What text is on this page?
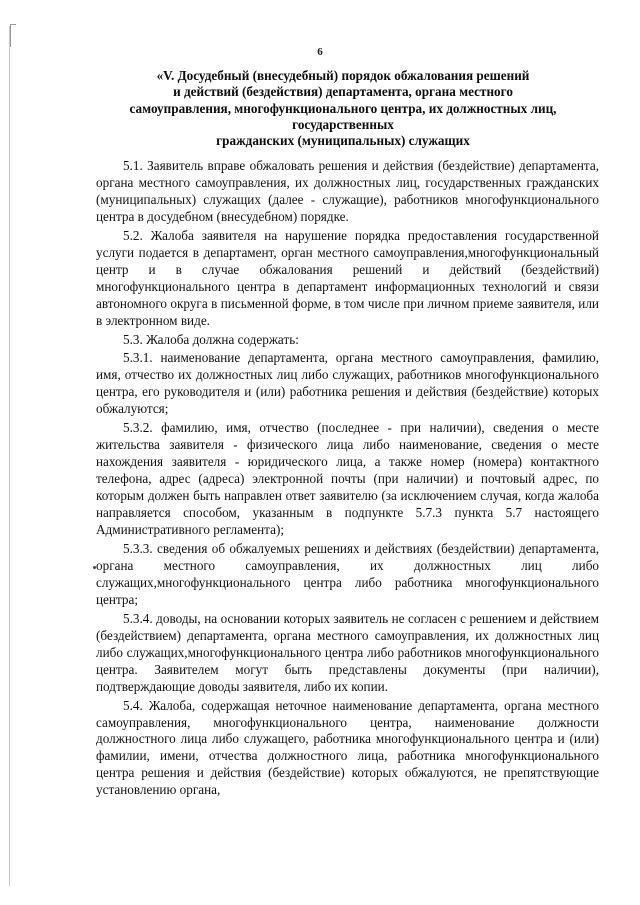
6
«V. Досудебный (внесудебный) порядок обжалования решений
и действий (бездействия) департамента, органа местного
самоуправления, многофункционального центра, их должностных лиц,
государственных
гражданских (муниципальных) служащих

5.1. Заявитель вправе обжаловать решения и действия (бездействие) департамента, органа местного самоуправления, их должностных лиц, государственных гражданских (муниципальных) служащих (далее - служащие), работников многофункционального центра в досудебном (внесудебном) порядке.

5.2. Жалоба заявителя на нарушение порядка предоставления государственной услуги подается в департамент, орган местного самоуправления,многофункциональный центр и в случае обжалования решений и действий (бездействий) многофункционального центра в департамент информационных технологий и связи автономного округа в письменной форме, в том числе при личном приеме заявителя, или в электронном виде.

5.3. Жалоба должна содержать:

5.3.1. наименование департамента, органа местного самоуправления, фамилию, имя, отчество их должностных лиц либо служащих, работников многофункционального центра, его руководителя и (или) работника решения и действия (бездействие) которых обжалуются;

5.3.2. фамилию, имя, отчество (последнее - при наличии), сведения о месте жительства заявителя - физического лица либо наименование, сведения о месте нахождения заявителя - юридического лица, а также номер (номера) контактного телефона, адрес (адреса) электронной почты (при наличии) и почтовый адрес, по которым должен быть направлен ответ заявителю (за исключением случая, когда жалоба направляется способом, указанным в подпункте 5.7.3 пункта 5.7 настоящего Административного регламента);

5.3.3. сведения об обжалуемых решениях и действиях (бездействии) департамента, органа местного самоуправления, их должностных лиц либо служащих,многофункционального центра либо работника многофункционального центра;

5.3.4. доводы, на основании которых заявитель не согласен с решением и действием (бездействием) департамента, органа местного самоуправления, их должностных лиц либо служащих,многофункционального центра либо работников многофункционального центра. Заявителем могут быть представлены документы (при наличии), подтверждающие доводы заявителя, либо их копии.

5.4. Жалоба, содержащая неточное наименование департамента, органа местного самоуправления, многофункционального центра, наименование должности должностного лица либо служащего, работника многофункционального центра и (или) фамилии, имени, отчества должностного лица, работника многофункционального центра решения и действия (бездействие) которых обжалуются, не препятствующие установлению органа,
